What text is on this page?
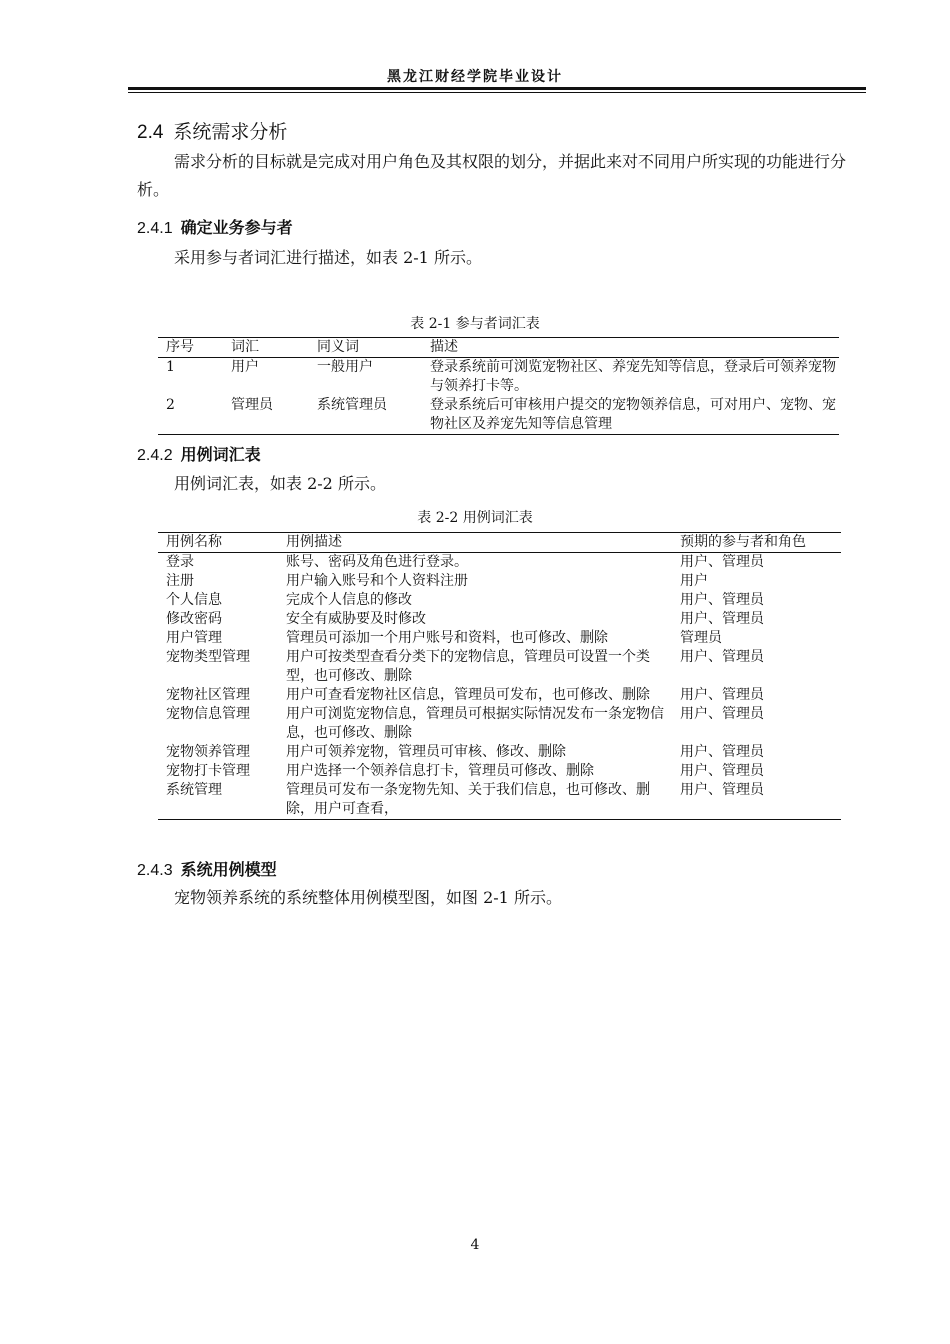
黑龙江财经学院毕业设计
2.4 系统需求分析
需求分析的目标就是完成对用户角色及其权限的划分，并据此来对不同用户所实现的功能进行分析。
2.4.1 确定业务参与者
采用参与者词汇进行描述，如表 2-1 所示。
表 2-1 参与者词汇表
序号	词汇	同义词	描述
1	用户	一般用户	登录系统前可浏览宠物社区、养宠先知等信息，登录后可领养宠物与领养打卡等。
2	管理员	系统管理员	登录系统后可审核用户提交的宠物领养信息，可对用户、宠物、宠物社区及养宠先知等信息管理
2.4.2 用例词汇表
用例词汇表，如表 2-2 所示。
表 2-2 用例词汇表
用例名称	用例描述	预期的参与者和角色
登录	账号、密码及角色进行登录。	用户、管理员
注册	用户输入账号和个人资料注册	用户
个人信息	完成个人信息的修改	用户、管理员
修改密码	安全有威胁要及时修改	用户、管理员
用户管理	管理员可添加一个用户账号和资料，也可修改、删除	管理员
宠物类型管理	用户可按类型查看分类下的宠物信息，管理员可设置一个类型，也可修改、删除	用户、管理员
宠物社区管理	用户可查看宠物社区信息，管理员可发布，也可修改、删除	用户、管理员
宠物信息管理	用户可浏览宠物信息，管理员可根据实际情况发布一条宠物信息，也可修改、删除	用户、管理员
宠物领养管理	用户可领养宠物，管理员可审核、修改、删除	用户、管理员
宠物打卡管理	用户选择一个领养信息打卡，管理员可修改、删除	用户、管理员
系统管理	管理员可发布一条宠物先知、关于我们信息，也可修改、删除，用户可查看，	用户、管理员
2.4.3 系统用例模型
宠物领养系统的系统整体用例模型图，如图 2-1 所示。
4
